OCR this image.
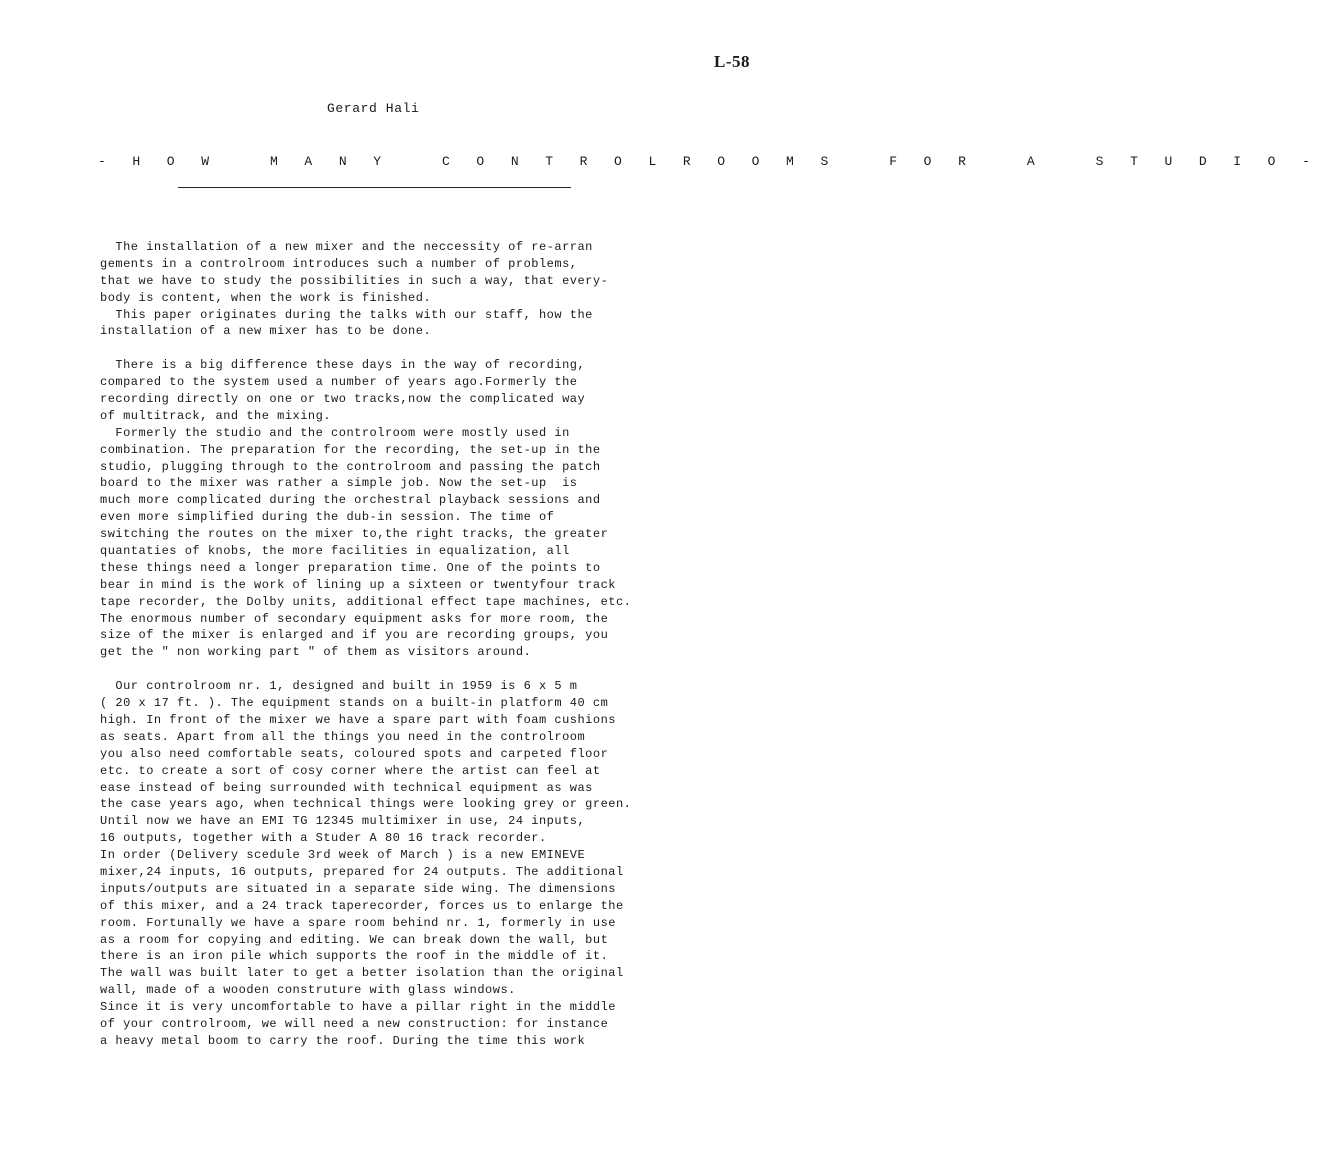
L-58
Gerard Hali
- H O W   M A N Y   C O N T R O L R O O M S   F O R   A   S T U D I O -
The installation of a new mixer and the neccessity of re-arran
gements in a controlroom introduces such a number of problems,
that we have to study the possibilities in such a way, that every-
body is content, when the work is finished.
This paper originates during the talks with our staff, how the
installation of a new mixer has to be done.
There is a big difference these days in the way of recording,
compared to the system used a number of years ago.Formerly the
recording directly on one or two tracks,now the complicated way
of multitrack, and the mixing.
Formerly the studio and the controlroom were mostly used in
combination. The preparation for the recording, the set-up in the
studio, plugging through to the controlroom and passing the patch
board to the mixer was rather a simple job. Now the set-up  is
much more complicated during the orchestral playback sessions and
even more simplified during the dub-in session. The time of
switching the routes on the mixer to,the right tracks, the greater
quantaties of knobs, the more facilities in equalization, all
these things need a longer preparation time. One of the points to
bear in mind is the work of lining up a sixteen or twentyfour track
tape recorder, the Dolby units, additional effect tape machines, etc.
The enormous number of secondary equipment asks for more room, the
size of the mixer is enlarged and if you are recording groups, you
get the " non working part " of them as visitors around.
Our controlroom nr. 1, designed and built in 1959 is 6 x 5 m
( 20 x 17 ft. ). The equipment stands on a built-in platform 40 cm
high. In front of the mixer we have a spare part with foam cushions
as seats. Apart from all the things you need in the controlroom
you also need comfortable seats, coloured spots and carpeted floor
etc. to create a sort of cosy corner where the artist can feel at
ease instead of being surrounded with technical equipment as was
the case years ago, when technical things were looking grey or green.
Until now we have an EMI TG 12345 multimixer in use, 24 inputs,
16 outputs, together with a Studer A 80 16 track recorder.
In order (Delivery scedule 3rd week of March ) is a new EMINEVE
mixer,24 inputs, 16 outputs, prepared for 24 outputs. The additional
inputs/outputs are situated in a separate side wing. The dimensions
of this mixer, and a 24 track taperecorder, forces us to enlarge the
room. Fortunally we have a spare room behind nr. 1, formerly in use
as a room for copying and editing. We can break down the wall, but
there is an iron pile which supports the roof in the middle of it.
The wall was built later to get a better isolation than the original
wall, made of a wooden construture with glass windows.
Since it is very uncomfortable to have a pillar right in the middle
of your controlroom, we will need a new construction: for instance
a heavy metal boom to carry the roof. During the time this work
